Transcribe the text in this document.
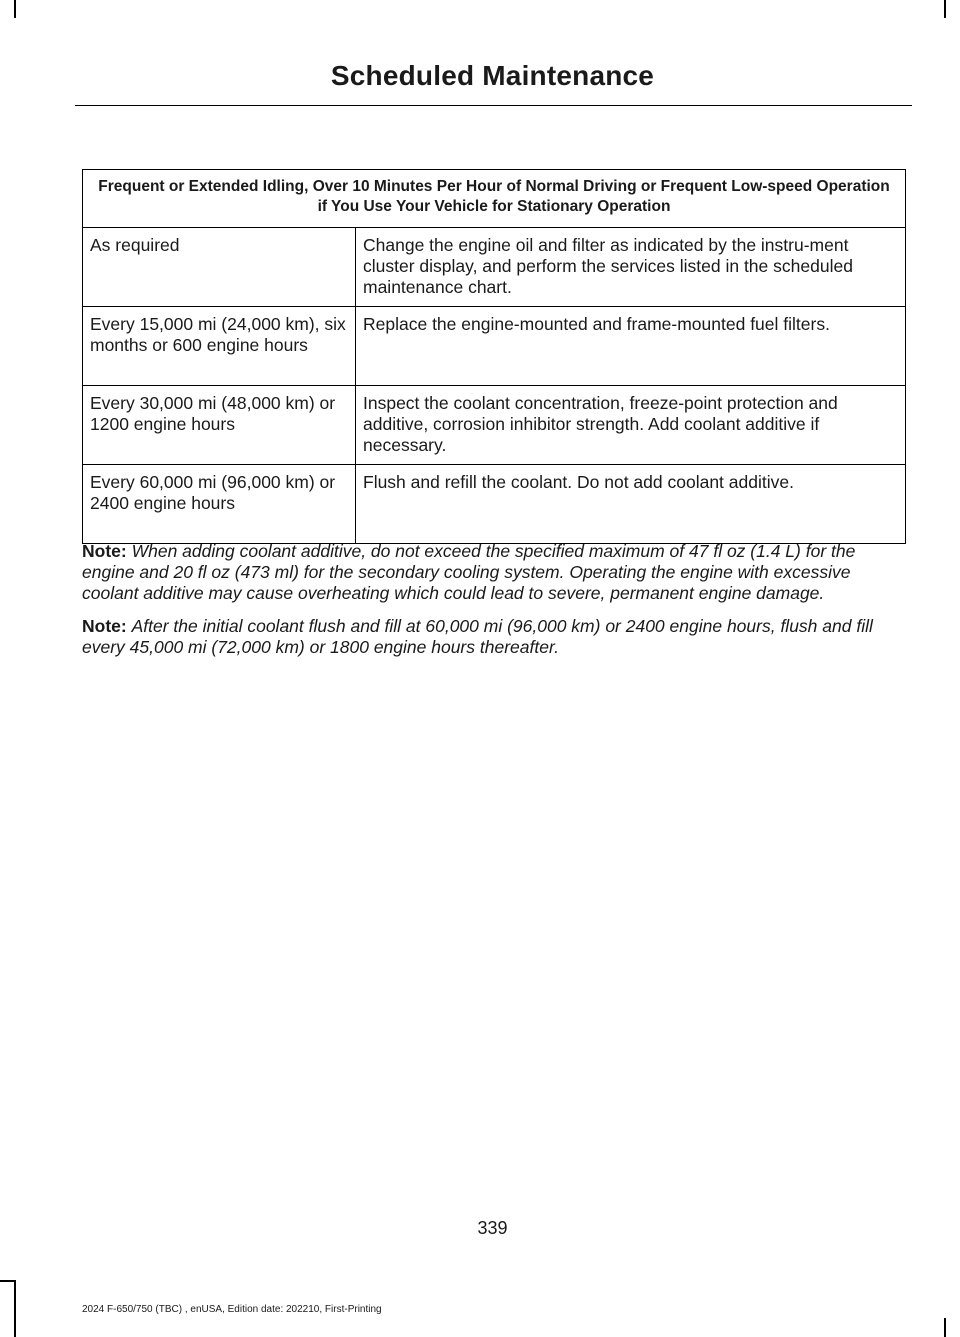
Scheduled Maintenance
Frequent or Extended Idling, Over 10 Minutes Per Hour of Normal Driving or Frequent Low-speed Operation if You Use Your Vehicle for Stationary Operation	
As required	Change the engine oil and filter as indicated by the instru-ment cluster display, and perform the services listed in the scheduled maintenance chart.
Every 15,000 mi (24,000 km), six months or 600 engine hours	Replace the engine-mounted and frame-mounted fuel filters.
Every 30,000 mi (48,000 km) or 1200 engine hours	Inspect the coolant concentration, freeze-point protection and additive, corrosion inhibitor strength. Add coolant additive if necessary.
Every 60,000 mi (96,000 km) or 2400 engine hours	Flush and refill the coolant. Do not add coolant additive.

Note: When adding coolant additive, do not exceed the specified maximum of 47 fl oz (1.4 L) for the engine and 20 fl oz (473 ml) for the secondary cooling system. Operating the engine with excessive coolant additive may cause overheating which could lead to severe, permanent engine damage.

Note: After the initial coolant flush and fill at 60,000 mi (96,000 km) or 2400 engine hours, flush and fill every 45,000 mi (72,000 km) or 1800 engine hours thereafter.

339
2024 F-650/750 (TBC) , enUSA, Edition date: 202210, First-Printing
